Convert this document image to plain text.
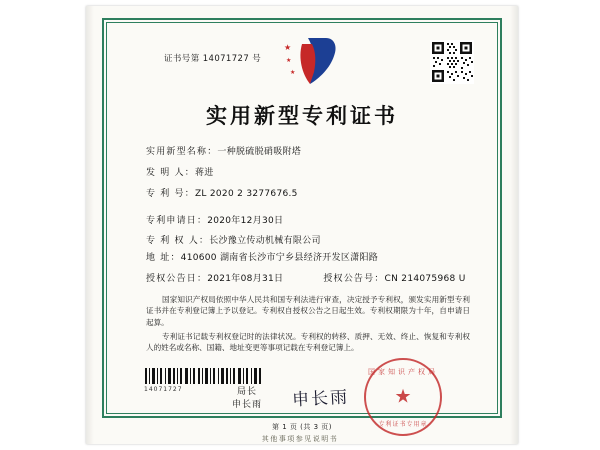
证书号第 14071727 号
★
★
★
实用新型专利证书
实用新型名称：一种脱硫脱硝吸附塔
发 明 人：蒋进
专 利 号：ZL 2020 2 3277676.5
专利申请日：2020年12月30日
专 利 权 人：长沙豫立传动机械有限公司
地 址：410600 湖南省长沙市宁乡县经济开发区潇阳路
授权公告日：2021年08月31日	授权公告号：CN 214075968 U
国家知识产权局依照中华人民共和国专利法进行审查，决定授予专利权，颁发实用新型专利证书并在专利登记簿上予以登记。专利权自授权公告之日起生效。专利权期限为十年，自申请日起算。
专利证书记载专利权登记时的法律状况。专利权的转移、质押、无效、终止、恢复和专利权人的姓名或名称、国籍、地址变更等事项记载在专利登记簿上。
14071727	局长
申长雨 申长雨
国家知识产权局
★
专利证书专用章
第 1 页 (共 3 页)
其他事项参见说明书
